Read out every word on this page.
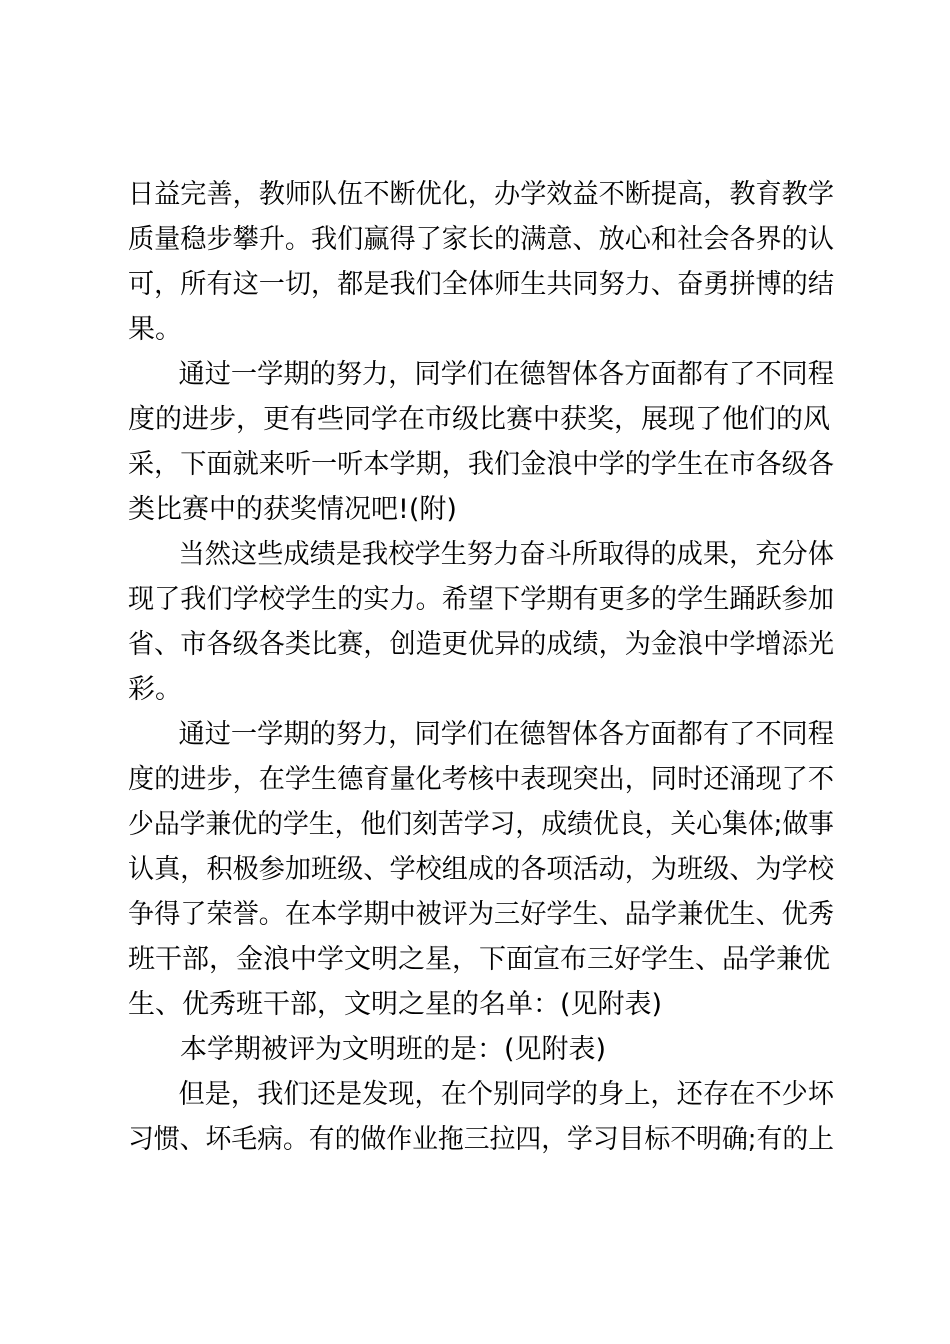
日益完善，教师队伍不断优化，办学效益不断提高，教育教学
质量稳步攀升。我们赢得了家长的满意、放心和社会各界的认
可，所有这一切，都是我们全体师生共同努力、奋勇拼博的结
果。
通过一学期的努力，同学们在德智体各方面都有了不同程
度的进步，更有些同学在市级比赛中获奖，展现了他们的风
采，下面就来听一听本学期，我们金浪中学的学生在市各级各
类比赛中的获奖情况吧!(附)
当然这些成绩是我校学生努力奋斗所取得的成果，充分体
现了我们学校学生的实力。希望下学期有更多的学生踊跃参加
省、市各级各类比赛，创造更优异的成绩，为金浪中学增添光
彩。
通过一学期的努力，同学们在德智体各方面都有了不同程
度的进步，在学生德育量化考核中表现突出，同时还涌现了不
少品学兼优的学生，他们刻苦学习，成绩优良，关心集体;做事
认真，积极参加班级、学校组成的各项活动，为班级、为学校
争得了荣誉。在本学期中被评为三好学生、品学兼优生、优秀
班干部，金浪中学文明之星，下面宣布三好学生、品学兼优
生、优秀班干部，文明之星的名单：(见附表)
本学期被评为文明班的是：(见附表)
但是，我们还是发现，在个别同学的身上，还存在不少坏
习惯、坏毛病。有的做作业拖三拉四，学习目标不明确;有的上
